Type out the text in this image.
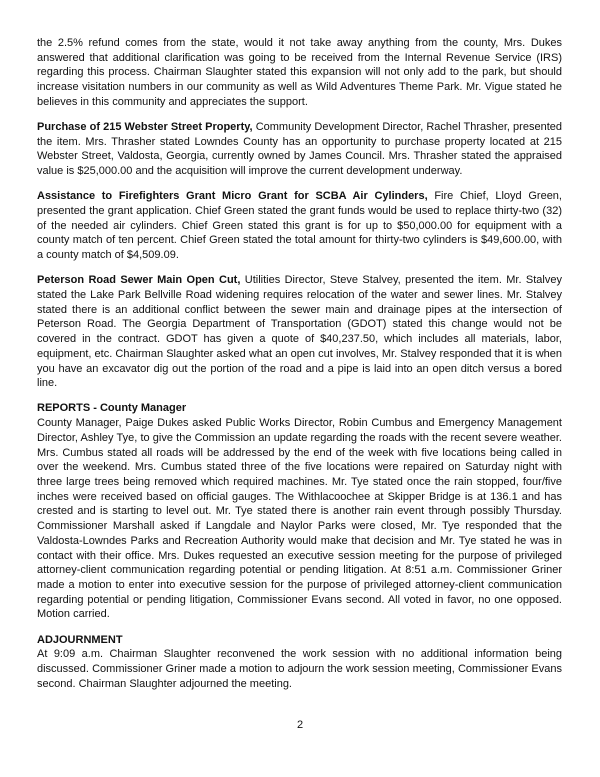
the 2.5% refund comes from the state, would it not take away anything from the county, Mrs. Dukes answered that additional clarification was going to be received from the Internal Revenue Service (IRS) regarding this process. Chairman Slaughter stated this expansion will not only add to the park, but should increase visitation numbers in our community as well as Wild Adventures Theme Park. Mr. Vigue stated he believes in this community and appreciates the support.

Purchase of 215 Webster Street Property, Community Development Director, Rachel Thrasher, presented the item. Mrs. Thrasher stated Lowndes County has an opportunity to purchase property located at 215 Webster Street, Valdosta, Georgia, currently owned by James Council. Mrs. Thrasher stated the appraised value is $25,000.00 and the acquisition will improve the current development underway.

Assistance to Firefighters Grant Micro Grant for SCBA Air Cylinders, Fire Chief, Lloyd Green, presented the grant application. Chief Green stated the grant funds would be used to replace thirty-two (32) of the needed air cylinders. Chief Green stated this grant is for up to $50,000.00 for equipment with a county match of ten percent. Chief Green stated the total amount for thirty-two cylinders is $49,600.00, with a county match of $4,509.09.

Peterson Road Sewer Main Open Cut, Utilities Director, Steve Stalvey, presented the item. Mr. Stalvey stated the Lake Park Bellville Road widening requires relocation of the water and sewer lines. Mr. Stalvey stated there is an additional conflict between the sewer main and drainage pipes at the intersection of Peterson Road. The Georgia Department of Transportation (GDOT) stated this change would not be covered in the contract. GDOT has given a quote of $40,237.50, which includes all materials, labor, equipment, etc. Chairman Slaughter asked what an open cut involves, Mr. Stalvey responded that it is when you have an excavator dig out the portion of the road and a pipe is laid into an open ditch versus a bored line.

REPORTS - County Manager

County Manager, Paige Dukes asked Public Works Director, Robin Cumbus and Emergency Management Director, Ashley Tye, to give the Commission an update regarding the roads with the recent severe weather. Mrs. Cumbus stated all roads will be addressed by the end of the week with five locations being called in over the weekend. Mrs. Cumbus stated three of the five locations were repaired on Saturday night with three large trees being removed which required machines. Mr. Tye stated once the rain stopped, four/five inches were received based on official gauges. The Withlacoochee at Skipper Bridge is at 136.1 and has crested and is starting to level out. Mr. Tye stated there is another rain event through possibly Thursday. Commissioner Marshall asked if Langdale and Naylor Parks were closed, Mr. Tye responded that the Valdosta-Lowndes Parks and Recreation Authority would make that decision and Mr. Tye stated he was in contact with their office. Mrs. Dukes requested an executive session meeting for the purpose of privileged attorney-client communication regarding potential or pending litigation. At 8:51 a.m. Commissioner Griner made a motion to enter into executive session for the purpose of privileged attorney-client communication regarding potential or pending litigation, Commissioner Evans second. All voted in favor, no one opposed. Motion carried.

ADJOURNMENT

At 9:09 a.m. Chairman Slaughter reconvened the work session with no additional information being discussed. Commissioner Griner made a motion to adjourn the work session meeting, Commissioner Evans second. Chairman Slaughter adjourned the meeting.

2
